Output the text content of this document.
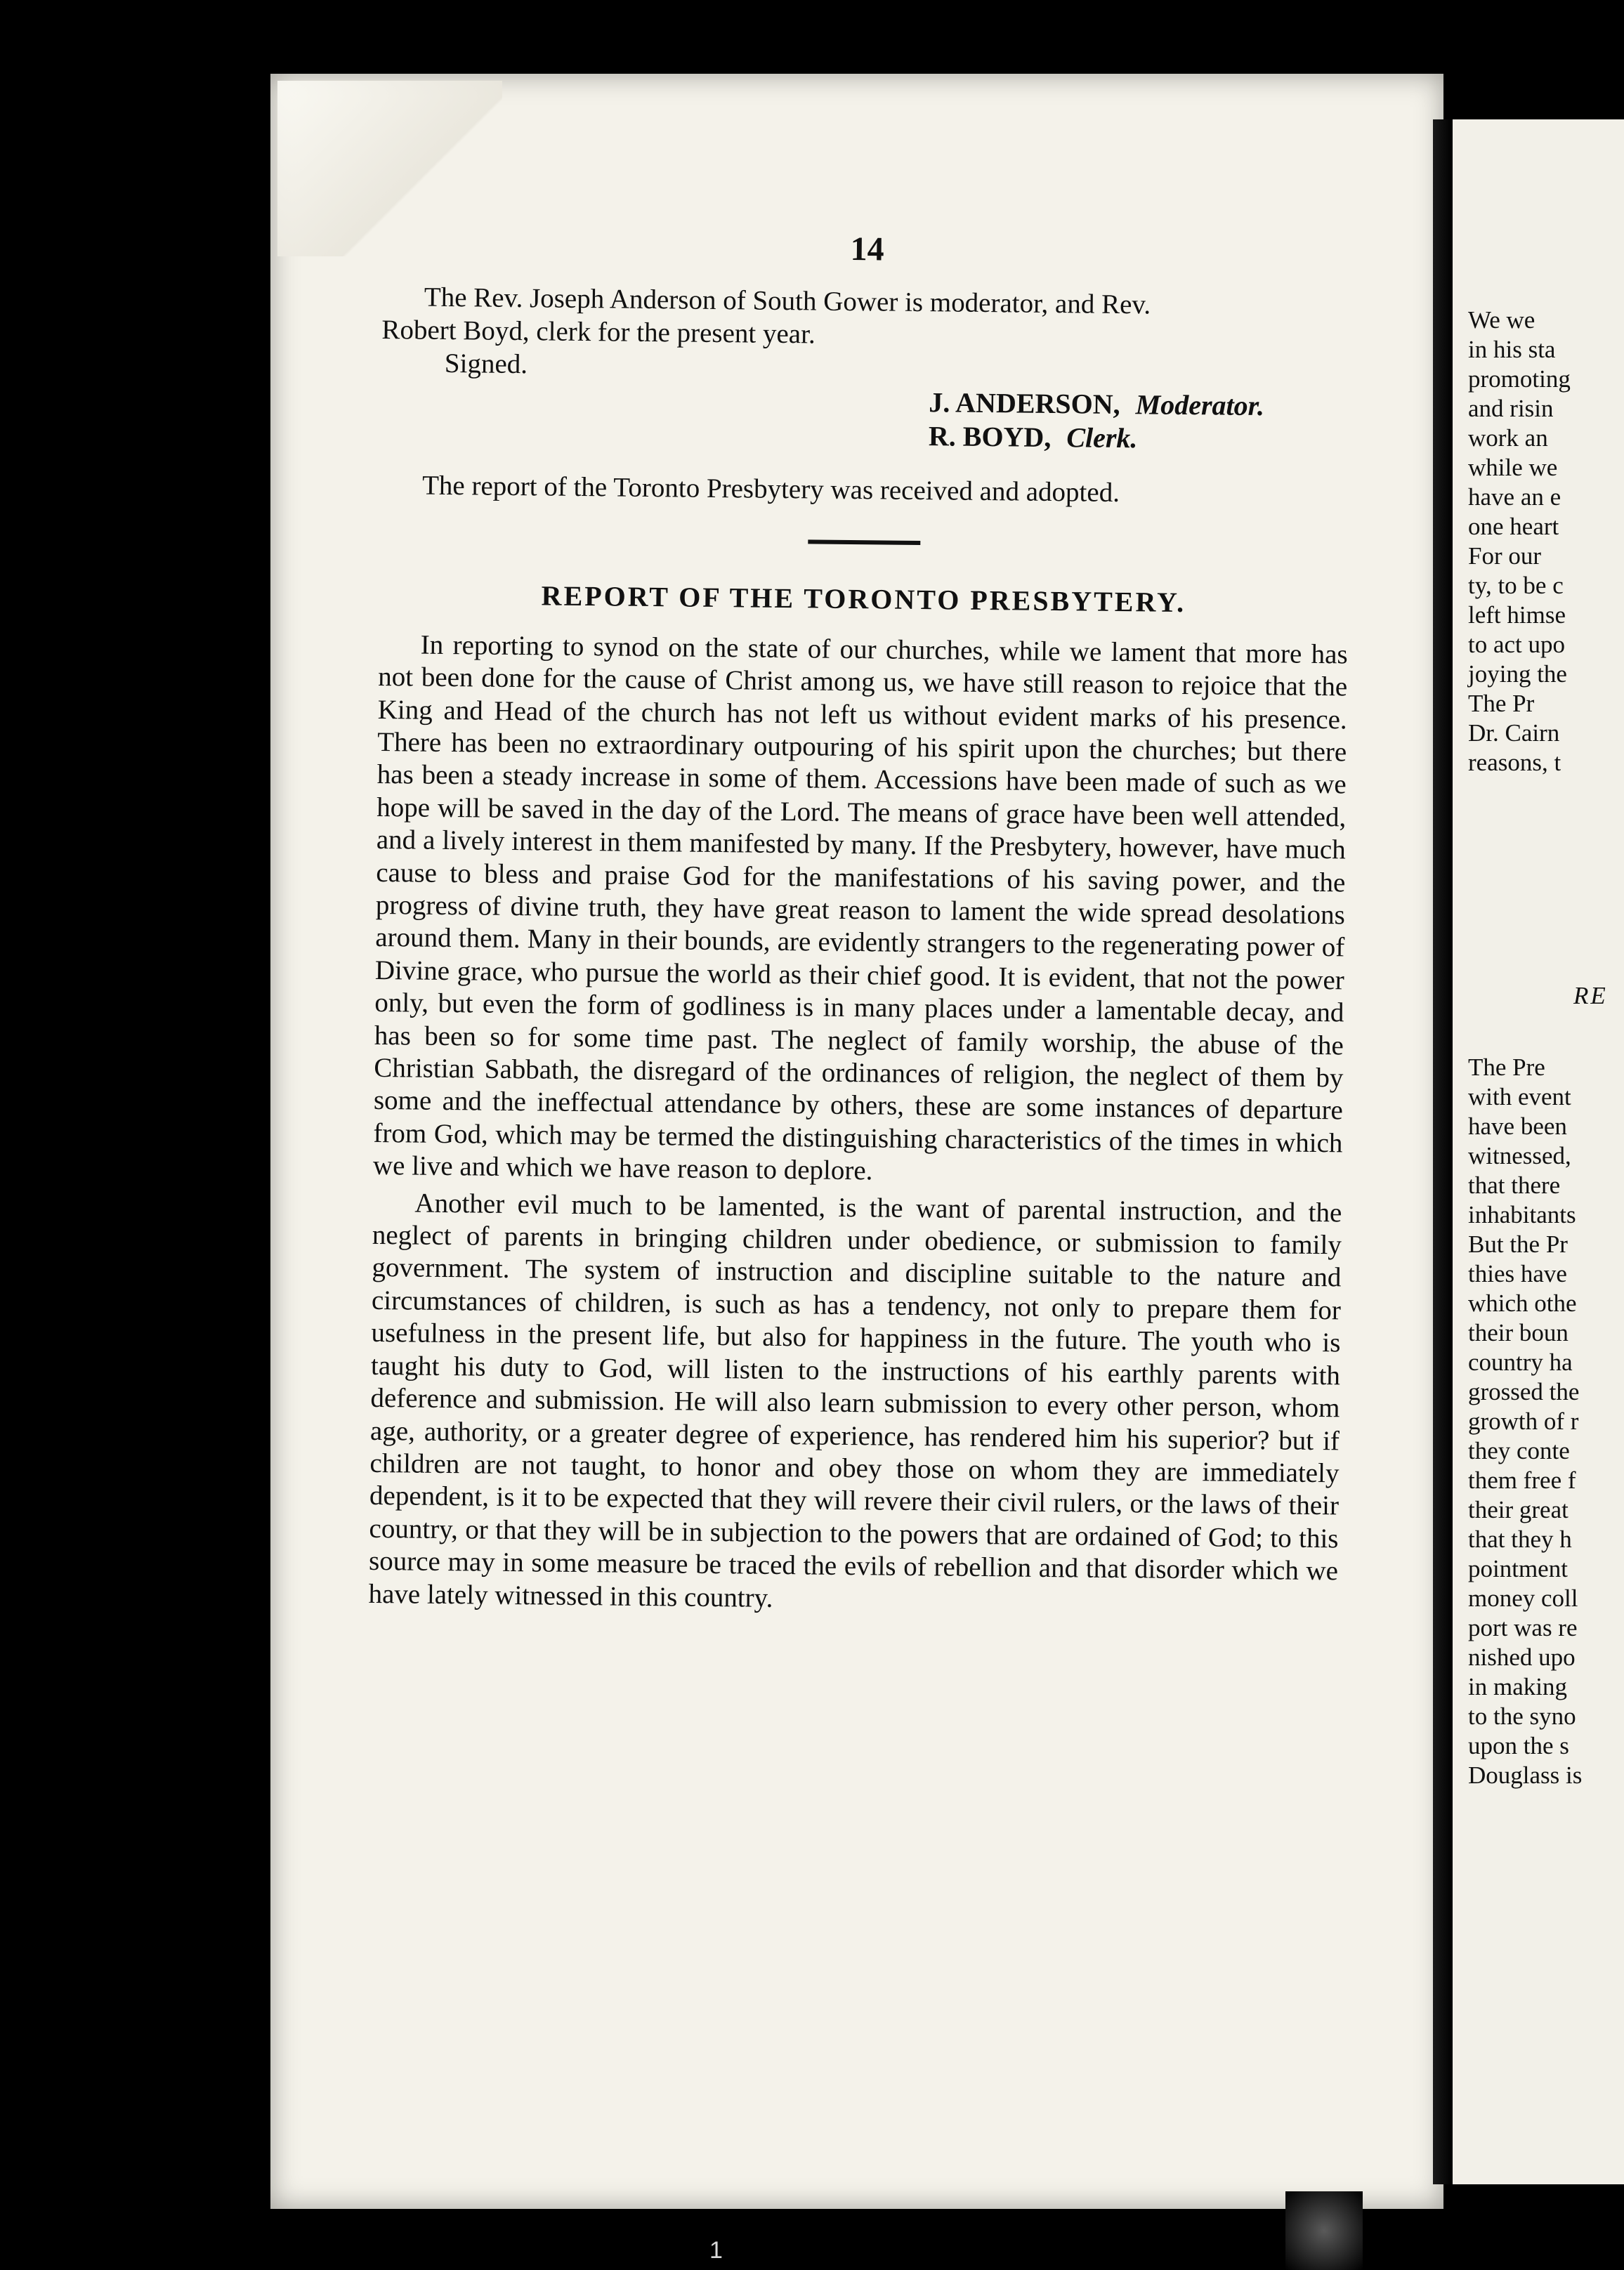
14

The Rev. Joseph Anderson of South Gower is moderator, and Rev.

Robert Boyd, clerk for the present year.

Signed.

J. ANDERSON, Moderator.
R. BOYD, Clerk.

The report of the Toronto Presbytery was received and adopted.

REPORT OF THE TORONTO PRESBYTERY.

In reporting to synod on the state of our churches, while we lament that more has not been done for the cause of Christ among us, we have still reason to rejoice that the King and Head of the church has not left us without evident marks of his presence. There has been no extraordinary outpouring of his spirit upon the churches; but there has been a steady increase in some of them. Accessions have been made of such as we hope will be saved in the day of the Lord. The means of grace have been well attended, and a lively interest in them manifested by many. If the Presbytery, however, have much cause to bless and praise God for the manifestations of his saving power, and the progress of divine truth, they have great reason to lament the wide spread desolations around them. Many in their bounds, are evidently strangers to the regenerating power of Divine grace, who pursue the world as their chief good. It is evident, that not the power only, but even the form of godliness is in many places under a lamentable decay, and has been so for some time past. The neglect of family worship, the abuse of the Christian Sabbath, the disregard of the ordinances of religion, the neglect of them by some and the ineffectual attendance by others, these are some instances of departure from God, which may be termed the distinguishing characteristics of the times in which we live and which we have reason to deplore.

Another evil much to be lamented, is the want of parental instruction, and the neglect of parents in bringing children under obedience, or submission to family government. The system of instruction and discipline suitable to the nature and circumstances of children, is such as has a tendency, not only to prepare them for usefulness in the present life, but also for happiness in the future. The youth who is taught his duty to God, will listen to the instructions of his earthly parents with deference and submission. He will also learn submission to every other person, whom age, authority, or a greater degree of experience, has rendered him his superior? but if children are not taught, to honor and obey those on whom they are immediately dependent, is it to be expected that they will revere their civil rulers, or the laws of their country, or that they will be in subjection to the powers that are ordained of God; to this source may in some measure be traced the evils of rebellion and that disorder which we have lately witnessed in this country.

We we
in his sta
promoting
and risin
work an
while we
have an e
one heart
For our
ty, to be c
left himse
to act upo
joying the
The Pr
Dr. Cairn
reasons, t
RE
The Pre
with event
have been
witnessed,
that there
inhabitants
But the Pr
thies have
which othe
their boun
country ha
grossed the
growth of r
they conte
them free f
their great
that they h
pointment
money coll
port was re
nished upo
in making
to the syno
upon the s
Douglass is
1
